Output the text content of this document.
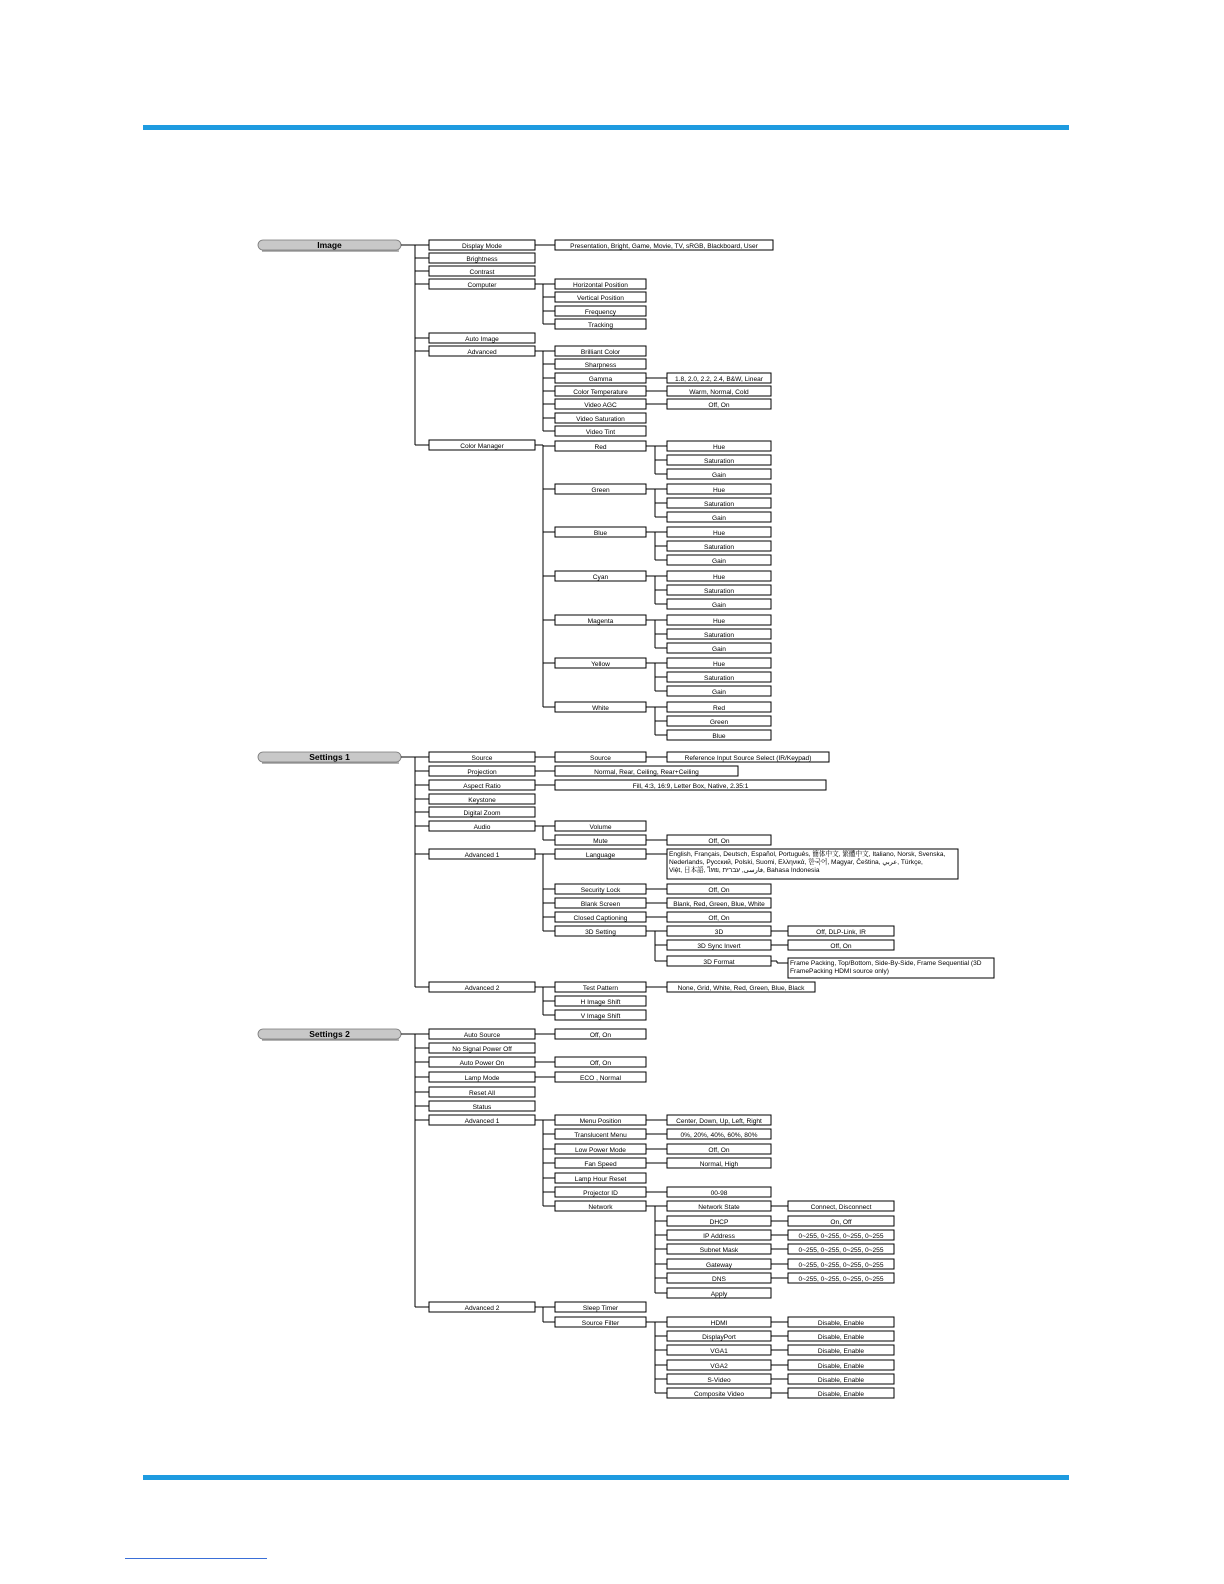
Image	Display Mode	Presentation, Bright, Game, Movie, TV, sRGB, Blackboard, User
Brightness
Contrast
Computer	Horizontal Position
Vertical Position
Frequency
Tracking
Auto Image
Advanced	Brilliant Color
Sharpness
Gamma	1.8, 2.0, 2.2, 2.4, B&W, Linear
Color Temperature	Warm, Normal, Cold
Video AGC	Off, On
Video Saturation
Video Tint
Color Manager	Red	Hue
Saturation
Gain
Green	Hue
Saturation
Gain
Blue	Hue
Saturation
Gain
Cyan	Hue
Saturation
Gain
Magenta	Hue
Saturation
Gain
Yellow	Hue
Saturation
Gain
White	Red
Green
Blue
Settings 1	Source	Source	Reference Input Source Select (IR/Keypad)
Projection	Normal, Rear, Ceiling, Rear+Ceiling
Aspect Ratio	Fill, 4:3, 16:9, Letter Box, Native, 2.35:1
Keystone
Digital Zoom
Audio	Volume
Mute	Off, On
Advanced 1	Language	English, Français, Deutsch, Español, Português, 簡体中文, 繁體中文, Italiano, Norsk, Svenska, Nederlands, Русский, Polski, Suomi, Ελληνικά, 한국어, Magyar, Čeština, عربي, Türkçe, Việt, 日本語, ไทย, فارسی, עברית, Bahasa Indonesia
Security Lock	Off, On
Blank Screen	Blank, Red, Green, Blue, White
Closed Captioning	Off, On
3D Setting	3D	Off, DLP-Link, IR
3D Sync Invert	Off, On
3D Format	Frame Packing, Top/Bottom, Side-By-Side, Frame Sequential (3D FramePacking HDMI source only)
Advanced 2	Test Pattern	None, Grid, White, Red, Green, Blue, Black
H Image Shift
V Image Shift
Settings 2	Auto Source	Off, On
No Signal Power Off
Auto Power On	Off, On
Lamp Mode	ECO , Normal
Reset All
Status
Advanced 1	Menu Position	Center, Down, Up, Left, Right
Translucent Menu	0%, 20%, 40%, 60%, 80%
Low Power Mode	Off, On
Fan Speed	Normal, High
Lamp Hour Reset
Projector ID	00-98
Network	Network State	Connect, Disconnect
DHCP	On, Off
IP Address	0~255, 0~255, 0~255, 0~255
Subnet Mask	0~255, 0~255, 0~255, 0~255
Gateway	0~255, 0~255, 0~255, 0~255
DNS	0~255, 0~255, 0~255, 0~255
Apply
Advanced 2	Sleep Timer
Source Filter	HDMI	Disable, Enable
DisplayPort	Disable, Enable
VGA1	Disable, Enable
VGA2	Disable, Enable
S-Video	Disable, Enable
Composite Video	Disable, Enable
